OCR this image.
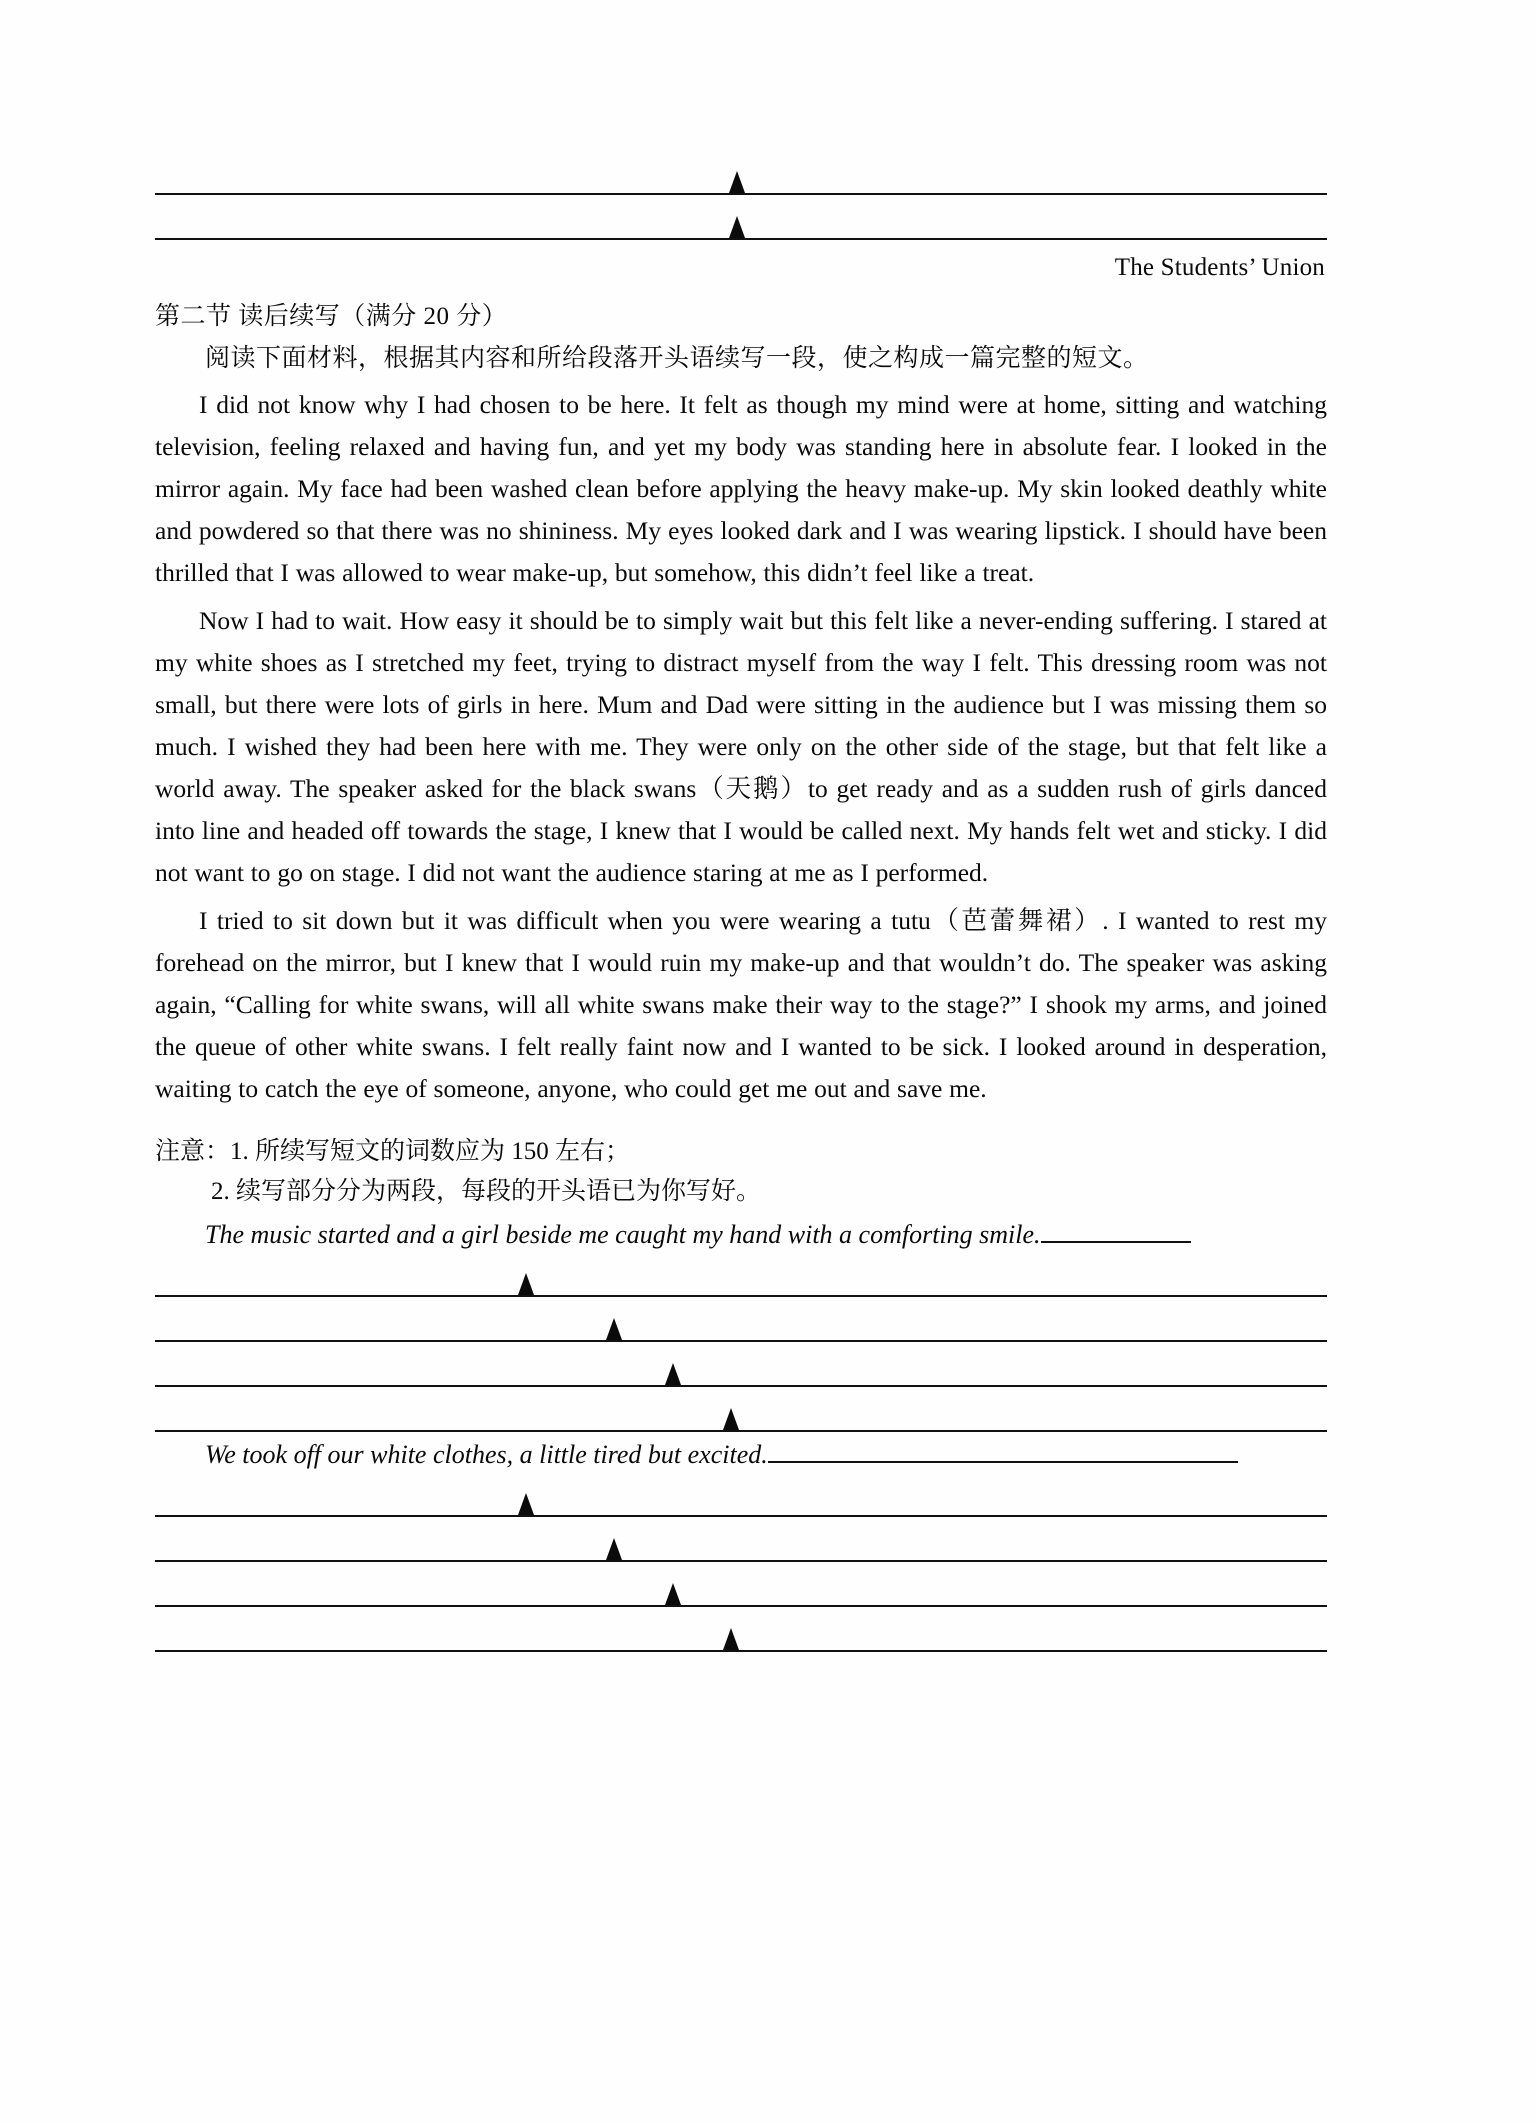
The Students’ Union
第二节 读后续写（满分 20 分）
阅读下面材料，根据其内容和所给段落开头语续写一段，使之构成一篇完整的短文。

I did not know why I had chosen to be here. It felt as though my mind were at home, sitting and watching television, feeling relaxed and having fun, and yet my body was standing here in absolute fear. I looked in the mirror again. My face had been washed clean before applying the heavy make-up. My skin looked deathly white and powdered so that there was no shininess. My eyes looked dark and I was wearing lipstick. I should have been thrilled that I was allowed to wear make-up, but somehow, this didn’t feel like a treat.

Now I had to wait. How easy it should be to simply wait but this felt like a never-ending suffering. I stared at my white shoes as I stretched my feet, trying to distract myself from the way I felt. This dressing room was not small, but there were lots of girls in here. Mum and Dad were sitting in the audience but I was missing them so much. I wished they had been here with me. They were only on the other side of the stage, but that felt like a world away. The speaker asked for the black swans（天鹅）to get ready and as a sudden rush of girls danced into line and headed off towards the stage, I knew that I would be called next. My hands felt wet and sticky. I did not want to go on stage. I did not want the audience staring at me as I performed.

I tried to sit down but it was difficult when you were wearing a tutu（芭蕾舞裙）. I wanted to rest my forehead on the mirror, but I knew that I would ruin my make-up and that wouldn’t do. The speaker was asking again, “Calling for white swans, will all white swans make their way to the stage?” I shook my arms, and joined the queue of other white swans. I felt really faint now and I wanted to be sick. I looked around in desperation, waiting to catch the eye of someone, anyone, who could get me out and save me.

注意：1. 所续写短文的词数应为 150 左右；
2. 续写部分分为两段，每段的开头语已为你写好。
The music started and a girl beside me caught my hand with a comforting smile.
We took off our white clothes, a little tired but excited.
